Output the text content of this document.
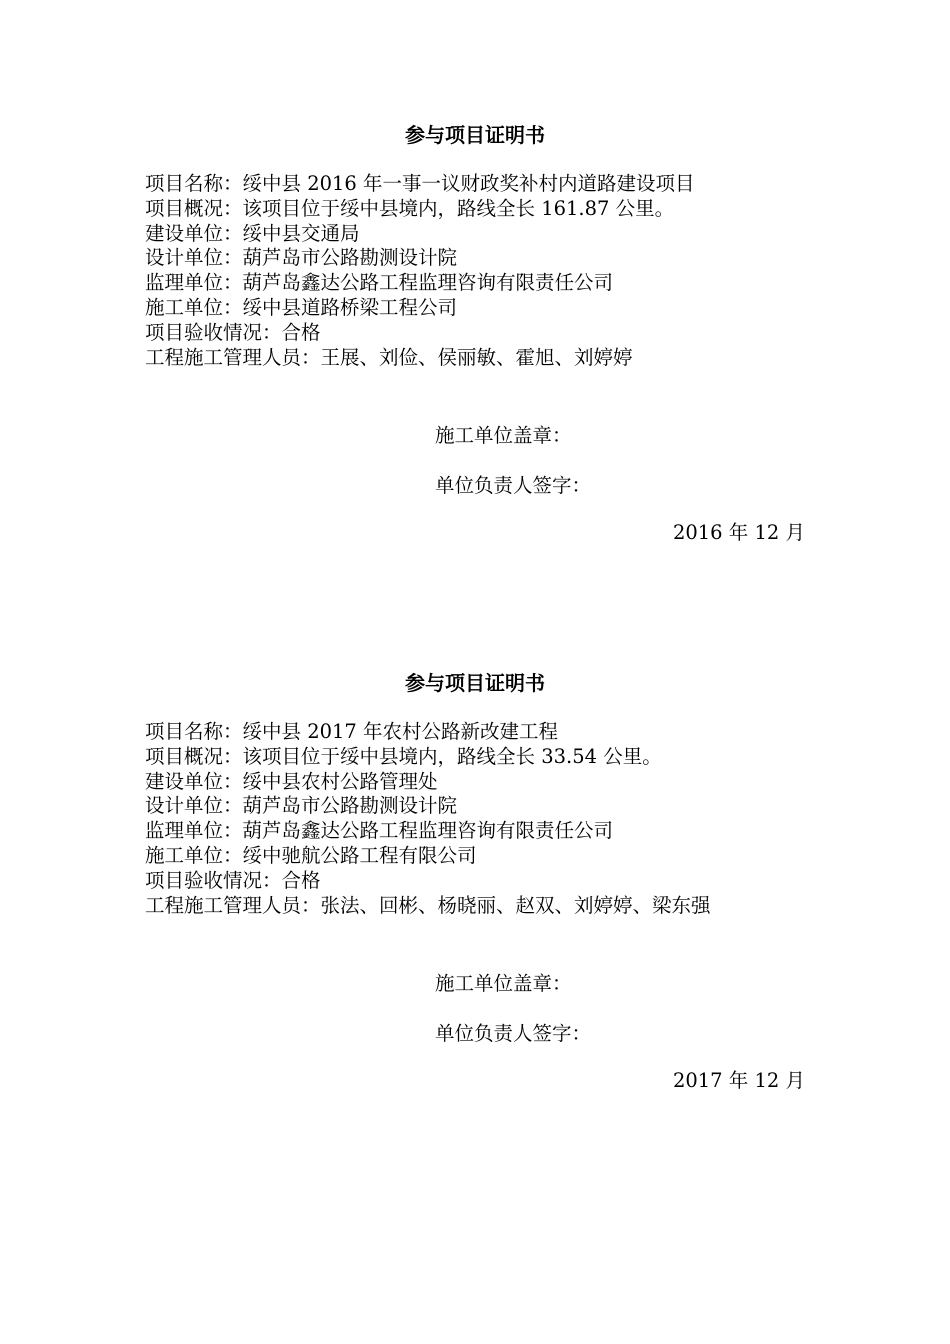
参与项目证明书
项目名称：绥中县 2016 年一事一议财政奖补村内道路建设项目
项目概况：该项目位于绥中县境内，路线全长 161.87 公里。
建设单位：绥中县交通局
设计单位：葫芦岛市公路勘测设计院
监理单位：葫芦岛鑫达公路工程监理咨询有限责任公司
施工单位：绥中县道路桥梁工程公司
项目验收情况：合格
工程施工管理人员：王展、刘俭、侯丽敏、霍旭、刘婷婷
施工单位盖章：
单位负责人签字：
2016 年 12 月
参与项目证明书
项目名称：绥中县 2017 年农村公路新改建工程
项目概况：该项目位于绥中县境内，路线全长 33.54 公里。
建设单位：绥中县农村公路管理处
设计单位：葫芦岛市公路勘测设计院
监理单位：葫芦岛鑫达公路工程监理咨询有限责任公司
施工单位：绥中驰航公路工程有限公司
项目验收情况：合格
工程施工管理人员：张法、回彬、杨晓丽、赵双、刘婷婷、梁东强
施工单位盖章：
单位负责人签字：
2017 年 12 月
